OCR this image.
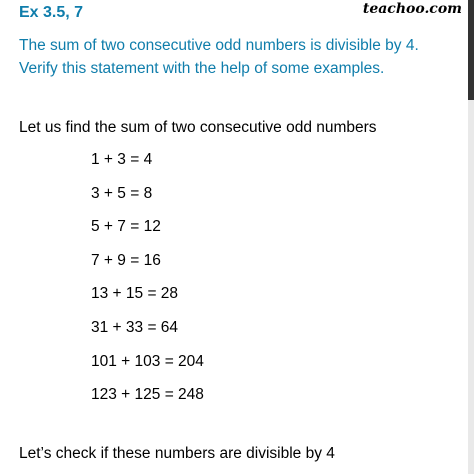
Ex 3.5, 7	teachoo.com
The sum of two consecutive odd numbers is divisible by 4. Verify this statement with the help of some examples.
Let us find the sum of two consecutive odd numbers
1 + 3 = 4
3 + 5 = 8
5 + 7 = 12
7 + 9 = 16
13 + 15 = 28
31 + 33 = 64
101 + 103 = 204
123 + 125 = 248
Let’s check if these numbers are divisible by 4
